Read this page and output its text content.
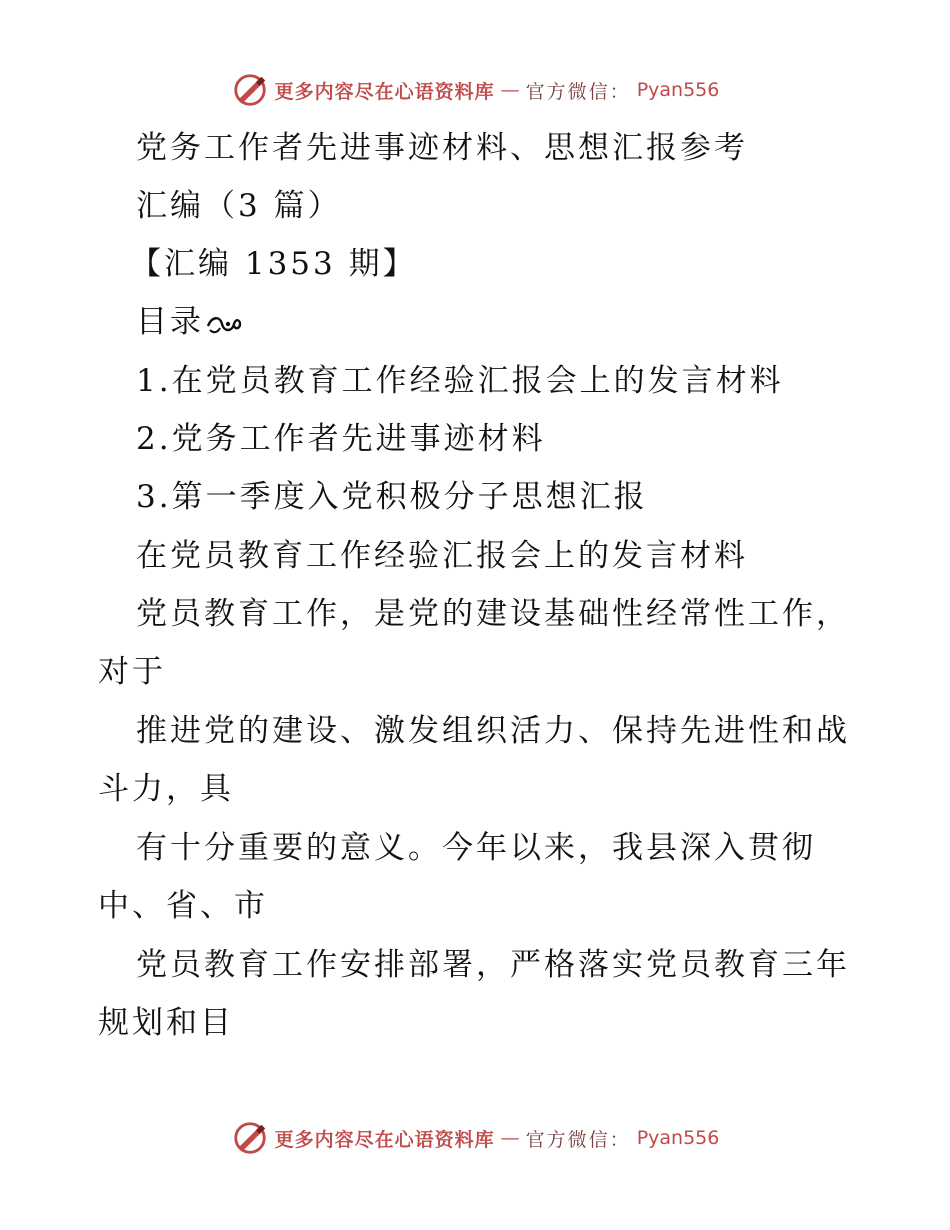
更多内容尽在心语资料库 — 官方微信： Pyan556
党务工作者先进事迹材料、思想汇报参考
汇编（3 篇）
【汇编 1353 期】
目录
1.在党员教育工作经验汇报会上的发言材料
2.党务工作者先进事迹材料
3.第一季度入党积极分子思想汇报
在党员教育工作经验汇报会上的发言材料
党员教育工作，是党的建设基础性经常性工作，
对于
推进党的建设、激发组织活力、保持先进性和战
斗力，具
有十分重要的意义。今年以来，我县深入贯彻
中、省、市
党员教育工作安排部署，严格落实党员教育三年
规划和目
更多内容尽在心语资料库 — 官方微信： Pyan556
